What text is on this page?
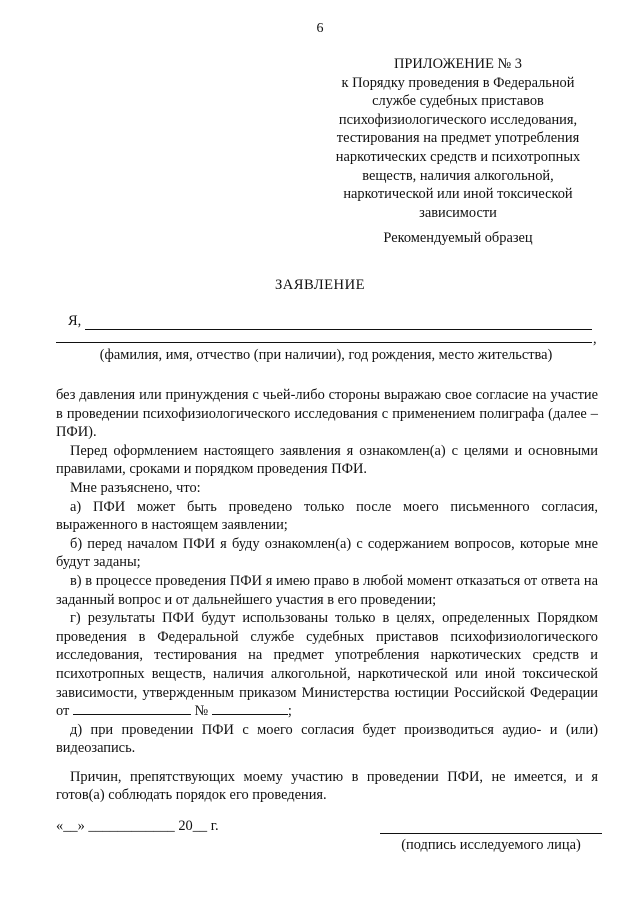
6
ПРИЛОЖЕНИЕ № 3
к Порядку проведения в Федеральной службе судебных приставов психофизиологического исследования, тестирования на предмет употребления наркотических средств и психотропных веществ, наличия алкогольной, наркотической или иной токсической зависимости
Рекомендуемый образец
ЗАЯВЛЕНИЕ
Я,
,
(фамилия, имя, отчество (при наличии), год рождения, место жительства)

без давления или принуждения с чьей-либо стороны выражаю свое согласие на участие в проведении психофизиологического исследования с применением полиграфа (далее – ПФИ).

Перед оформлением настоящего заявления я ознакомлен(а) с целями и основными правилами, сроками и порядком проведения ПФИ.

Мне разъяснено, что:

а) ПФИ может быть проведено только после моего письменного согласия, выраженного в настоящем заявлении;

б) перед началом ПФИ я буду ознакомлен(а) с содержанием вопросов, которые мне будут заданы;

в) в процессе проведения ПФИ я имею право в любой момент отказаться от ответа на заданный вопрос и от дальнейшего участия в его проведении;

г) результаты ПФИ будут использованы только в целях, определенных Порядком проведения в Федеральной службе судебных приставов психофизиологического исследования, тестирования на предмет употребления наркотических средств и психотропных веществ, наличия алкогольной, наркотической или иной токсической зависимости, утвержденным приказом Министерства юстиции Российской Федерации от	№	;

д) при проведении ПФИ с моего согласия будет производиться аудио- и (или) видеозапись.

Причин, препятствующих моему участию в проведении ПФИ, не имеется, и я готов(а) соблюдать порядок его проведения.

«__» ____________ 20__ г.
(подпись исследуемого лица)
